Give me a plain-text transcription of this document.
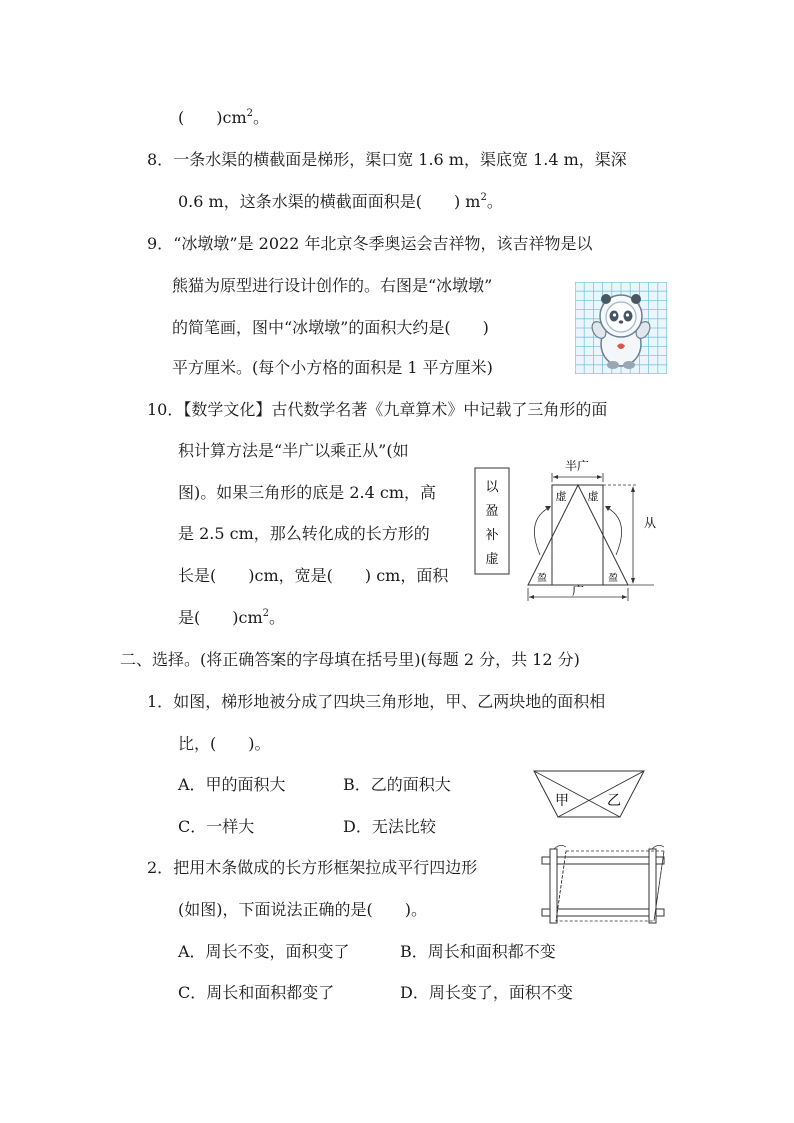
( )$cm^2$。
8．一条水渠的横截面是梯形，渠口宽 1.6 m，渠底宽 1.4 m，渠深
0.6 m，这条水渠的横截面面积是( ) $m^2$。
9．“冰墩墩”是 2022 年北京冬季奥运会吉祥物，该吉祥物是以
熊猫为原型进行设计创作的。右图是“冰墩墩”
的简笔画，图中“冰墩墩”的面积大约是( )
平方厘米。(每个小方格的面积是 1 平方厘米)
10．【数学文化】古代数学名著《九章算术》中记载了三角形的面
积计算方法是“半广以乘正从”(如
图)。如果三角形的底是 2.4 cm，高
是 2.5 cm，那么转化成的长方形的
长是( )cm，宽是( ) cm，面积
是( )$cm^2$。
以
盈
补
虚
半广
从
虚 虚
盈	盈
广
二、选择。(将正确答案的字母填在括号里)(每题 2 分，共 12 分)
1．如图，梯形地被分成了四块三角形地，甲、乙两块地的面积相
比，( )。
A．甲的面积大	B．乙的面积大
C．一样大	D．无法比较
甲	乙
2．把用木条做成的长方形框架拉成平行四边形
(如图)，下面说法正确的是( )。
A．周长不变，面积变了	B．周长和面积都不变
C．周长和面积都变了	D．周长变了，面积不变
